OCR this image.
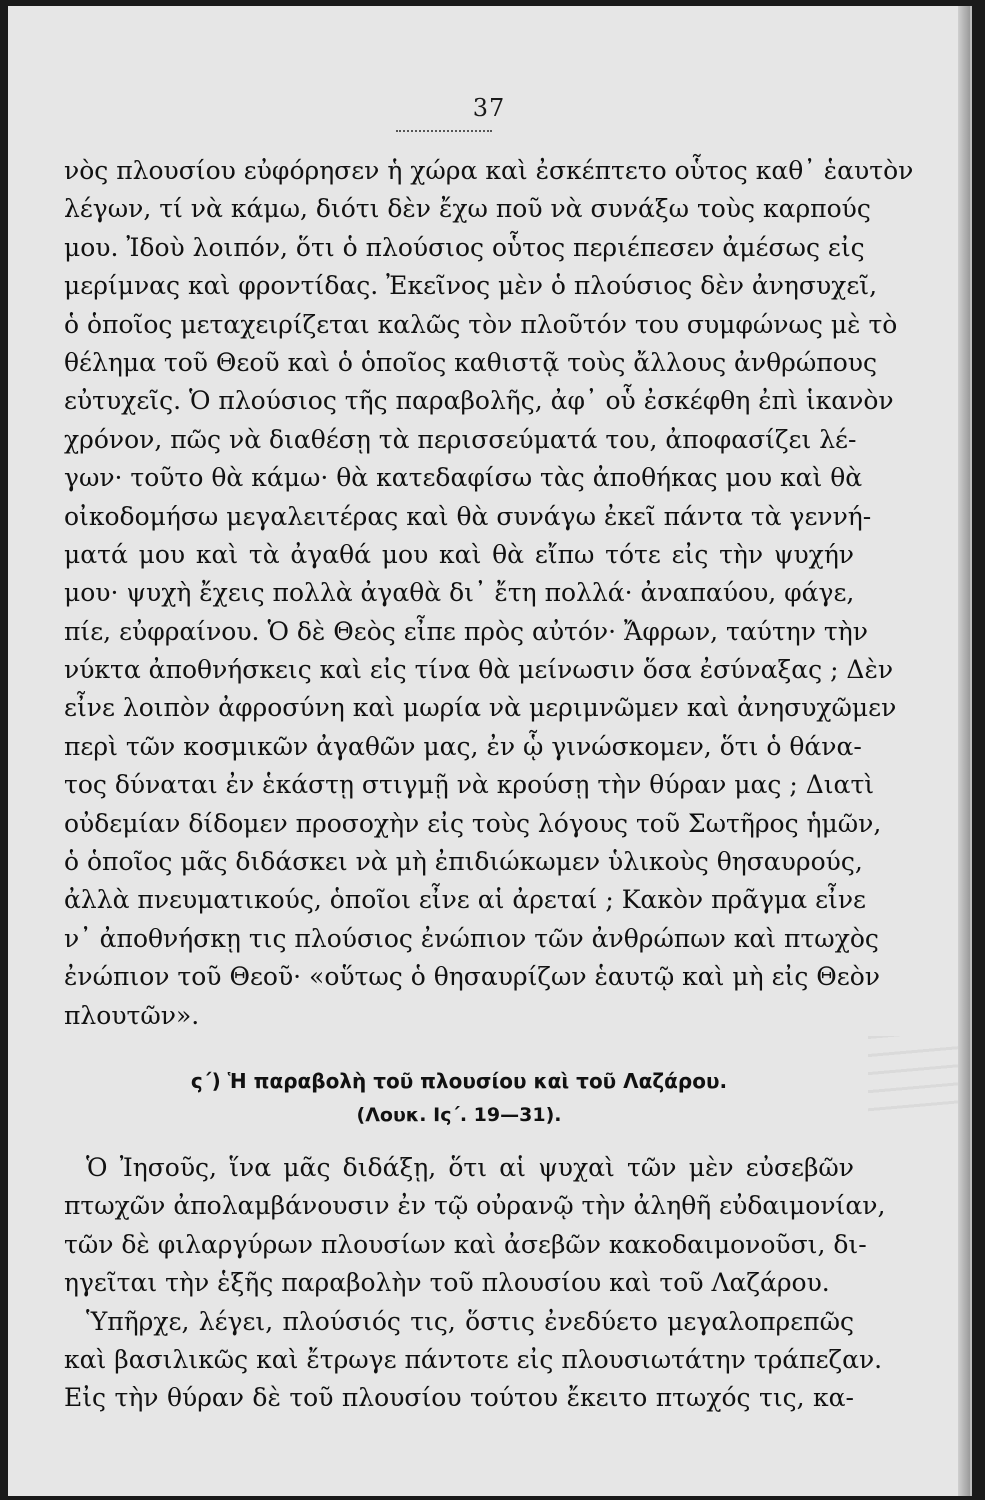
37
νὸς πλουσίου εὐφόρησεν ἡ χώρα καὶ ἐσκέπτετο οὗτος καθ᾽ ἑαυτὸν
λέγων, τί νὰ κάμω, διότι δὲν ἔχω ποῦ νὰ συνάξω τοὺς καρπούς
μου. Ἰδοὺ λοιπόν, ὅτι ὁ πλούσιος οὗτος περιέπεσεν ἀμέσως εἰς
μερίμνας καὶ φροντίδας. Ἐκεῖνος μὲν ὁ πλούσιος δὲν ἀνησυχεῖ,
ὁ ὁποῖος μεταχειρίζεται καλῶς τὸν πλοῦτόν του συμφώνως μὲ τὸ
θέλημα τοῦ Θεοῦ καὶ ὁ ὁποῖος καθιστᾷ τοὺς ἄλλους ἀνθρώπους
εὐτυχεῖς. Ὁ πλούσιος τῆς παραβολῆς, ἀφ᾽ οὗ ἐσκέφθη ἐπὶ ἱκανὸν
χρόνον, πῶς νὰ διαθέσῃ τὰ περισσεύματά του, ἀποφασίζει λέ-
γων· τοῦτο θὰ κάμω· θὰ κατεδαφίσω τὰς ἀποθήκας μου καὶ θὰ
οἰκοδομήσω μεγαλειτέρας καὶ θὰ συνάγω ἐκεῖ πάντα τὰ γεννή-
ματά μου καὶ τὰ ἀγαθά μου καὶ θὰ εἴπω τότε εἰς τὴν ψυχήν
μου· ψυχὴ ἔχεις πολλὰ ἀγαθὰ δι᾽ ἔτη πολλά· ἀναπαύου, φάγε,
πίε, εὐφραίνου. Ὁ δὲ Θεὸς εἶπε πρὸς αὐτόν· Ἄφρων, ταύτην τὴν
νύκτα ἀποθνήσκεις καὶ εἰς τίνα θὰ μείνωσιν ὅσα ἐσύναξας ; Δὲν
εἶνε λοιπὸν ἀφροσύνη καὶ μωρία νὰ μεριμνῶμεν καὶ ἀνησυχῶμεν
περὶ τῶν κοσμικῶν ἀγαθῶν μας, ἐν ᾧ γινώσκομεν, ὅτι ὁ θάνα-
τος δύναται ἐν ἑκάστῃ στιγμῇ νὰ κρούσῃ τὴν θύραν μας ; Διατὶ
οὐδεμίαν δίδομεν προσοχὴν εἰς τοὺς λόγους τοῦ Σωτῆρος ἡμῶν,
ὁ ὁποῖος μᾶς διδάσκει νὰ μὴ ἐπιδιώκωμεν ὑλικοὺς θησαυρούς,
ἀλλὰ πνευματικούς, ὁποῖοι εἶνε αἱ ἀρεταί ; Κακὸν πρᾶγμα εἶνε
ν᾽ ἀποθνήσκῃ τις πλούσιος ἐνώπιον τῶν ἀνθρώπων καὶ πτωχὸς
ἐνώπιον τοῦ Θεοῦ· «οὕτως ὁ θησαυρίζων ἑαυτῷ καὶ μὴ εἰς Θεὸν
πλουτῶν».
ς΄) Ἡ παραβολὴ τοῦ πλουσίου καὶ τοῦ Λαζάρου.
(Λουκ. Ις΄. 19—31).
Ὁ Ἰησοῦς, ἵνα μᾶς διδάξῃ, ὅτι αἱ ψυχαὶ τῶν μὲν εὐσεβῶν
πτωχῶν ἀπολαμβάνουσιν ἐν τῷ οὐρανῷ τὴν ἀληθῆ εὐδαιμονίαν,
τῶν δὲ φιλαργύρων πλουσίων καὶ ἀσεβῶν κακοδαιμονοῦσι, δι-
ηγεῖται τὴν ἑξῆς παραβολὴν τοῦ πλουσίου καὶ τοῦ Λαζάρου.
Ὑπῆρχε, λέγει, πλούσιός τις, ὅστις ἐνεδύετο μεγαλοπρεπῶς
καὶ βασιλικῶς καὶ ἔτρωγε πάντοτε εἰς πλουσιωτάτην τράπεζαν.
Εἰς τὴν θύραν δὲ τοῦ πλουσίου τούτου ἔκειτο πτωχός τις, κα-
